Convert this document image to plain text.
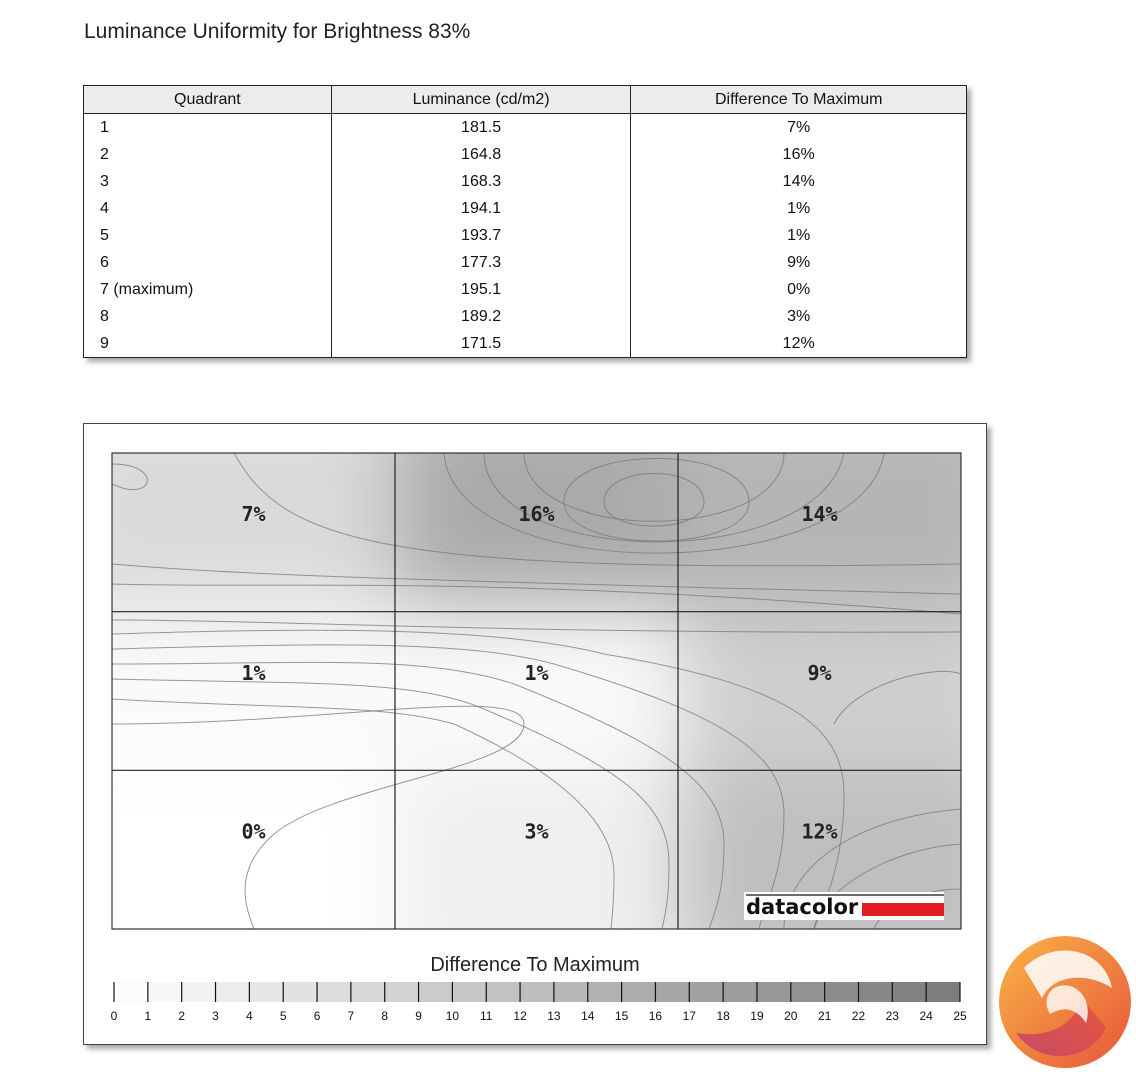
Luminance Uniformity for Brightness 83%
Quadrant	Luminance (cd/m2)	Difference To Maximum
1	181.5	7%
2	164.8	16%
3	168.3	14%
4	194.1	1%
5	193.7	1%
6	177.3	9%
7 (maximum)	195.1	0%
8	189.2	3%
9	171.5	12%
7%	16%	14%
1%	1%	9%
0%	3%	12%
datacolor
Difference To Maximum
0 1 2 3 4 5 6 7 8 9 10 11 12 13 14 15 16 17 18 19 20 21 22 23 24 25
